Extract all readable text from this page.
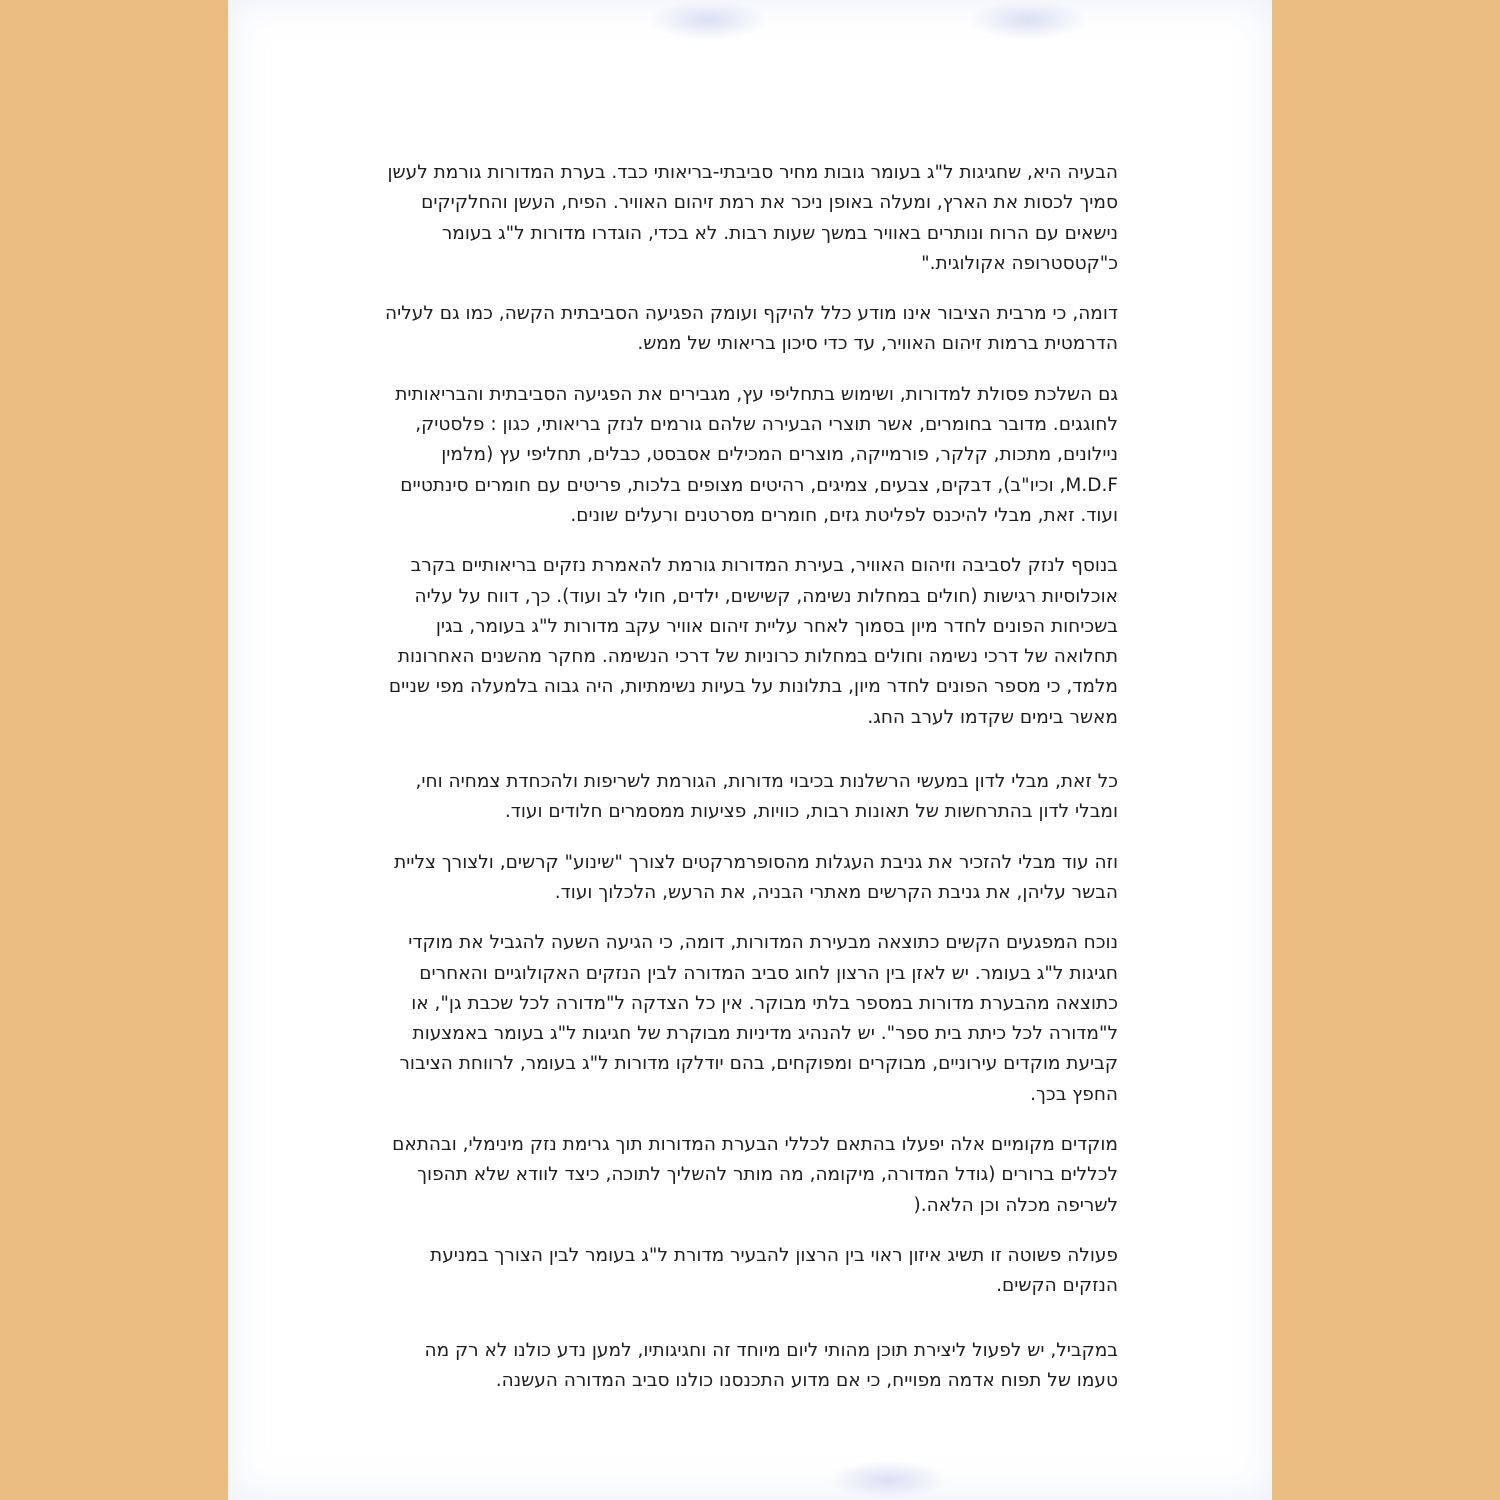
הבעיה היא, שחגיגות ל"ג בעומר גובות מחיר סביבתי-בריאותי כבד. בערת המדורות גורמת לעשן סמיך לכסות את הארץ, ומעלה באופן ניכר את רמת זיהום האוויר. הפיח, העשן והחלקיקים נישאים עם הרוח ונותרים באוויר במשך שעות רבות. לא בכדי, הוגדרו מדורות ל"ג בעומר כ"קטסטרופה אקולוגית."

דומה, כי מרבית הציבור אינו מודע כלל להיקף ועומק הפגיעה הסביבתית הקשה, כמו גם לעליה הדרמטית ברמות זיהום האוויר, עד כדי סיכון בריאותי של ממש.

גם השלכת פסולת למדורות, ושימוש בתחליפי עץ, מגבירים את הפגיעה הסביבתית והבריאותית לחוגגים. מדובר בחומרים, אשר תוצרי הבעירה שלהם גורמים לנזק בריאותי, כגון : פלסטיק, ניילונים, מתכות, קלקר, פורמייקה, מוצרים המכילים אסבסט, כבלים, תחליפי עץ (מלמין M.D.F, וכיו"ב), דבקים, צבעים, צמיגים, רהיטים מצופים בלכות, פריטים עם חומרים סינתטיים ועוד. זאת, מבלי להיכנס לפליטת גזים, חומרים מסרטנים ורעלים שונים.

בנוסף לנזק לסביבה וזיהום האוויר, בעירת המדורות גורמת להאמרת נזקים בריאותיים בקרב אוכלוסיות רגישות (חולים במחלות נשימה, קשישים, ילדים, חולי לב ועוד). כך, דווח על עליה בשכיחות הפונים לחדר מיון בסמוך לאחר עליית זיהום אוויר עקב מדורות ל"ג בעומר, בגין תחלואה של דרכי נשימה וחולים במחלות כרוניות של דרכי הנשימה. מחקר מהשנים האחרונות מלמד, כי מספר הפונים לחדר מיון, בתלונות על בעיות נשימתיות, היה גבוה בלמעלה מפי שניים מאשר בימים שקדמו לערב החג.

כל זאת, מבלי לדון במעשי הרשלנות בכיבוי מדורות, הגורמת לשריפות ולהכחדת צמחיה וחי, ומבלי לדון בהתרחשות של תאונות רבות, כוויות, פציעות ממסמרים חלודים ועוד.

וזה עוד מבלי להזכיר את גניבת העגלות מהסופרמרקטים לצורך "שינוע" קרשים, ולצורך צליית הבשר עליהן, את גניבת הקרשים מאתרי הבניה, את הרעש, הלכלוך ועוד.

נוכח המפגעים הקשים כתוצאה מבעירת המדורות, דומה, כי הגיעה השעה להגביל את מוקדי חגיגות ל"ג בעומר. יש לאזן בין הרצון לחוג סביב המדורה לבין הנזקים האקולוגיים והאחרים כתוצאה מהבערת מדורות במספר בלתי מבוקר. אין כל הצדקה ל"מדורה לכל שכבת גן", או ל"מדורה לכל כיתת בית ספר". יש להנהיג מדיניות מבוקרת של חגיגות ל"ג בעומר באמצעות קביעת מוקדים עירוניים, מבוקרים ומפוקחים, בהם יודלקו מדורות ל"ג בעומר, לרווחת הציבור החפץ בכך.

מוקדים מקומיים אלה יפעלו בהתאם לכללי הבערת המדורות תוך גרימת נזק מינימלי, ובהתאם לכללים ברורים (גודל המדורה, מיקומה, מה מותר להשליך לתוכה, כיצד לוודא שלא תהפוך לשריפה מכלה וכן הלאה.(

פעולה פשוטה זו תשיג איזון ראוי בין הרצון להבעיר מדורת ל"ג בעומר לבין הצורך במניעת הנזקים הקשים.

במקביל, יש לפעול ליצירת תוכן מהותי ליום מיוחד זה וחגיגותיו, למען נדע כולנו לא רק מה טעמו של תפוח אדמה מפוייח, כי אם מדוע התכנסנו כולנו סביב המדורה העשנה.
